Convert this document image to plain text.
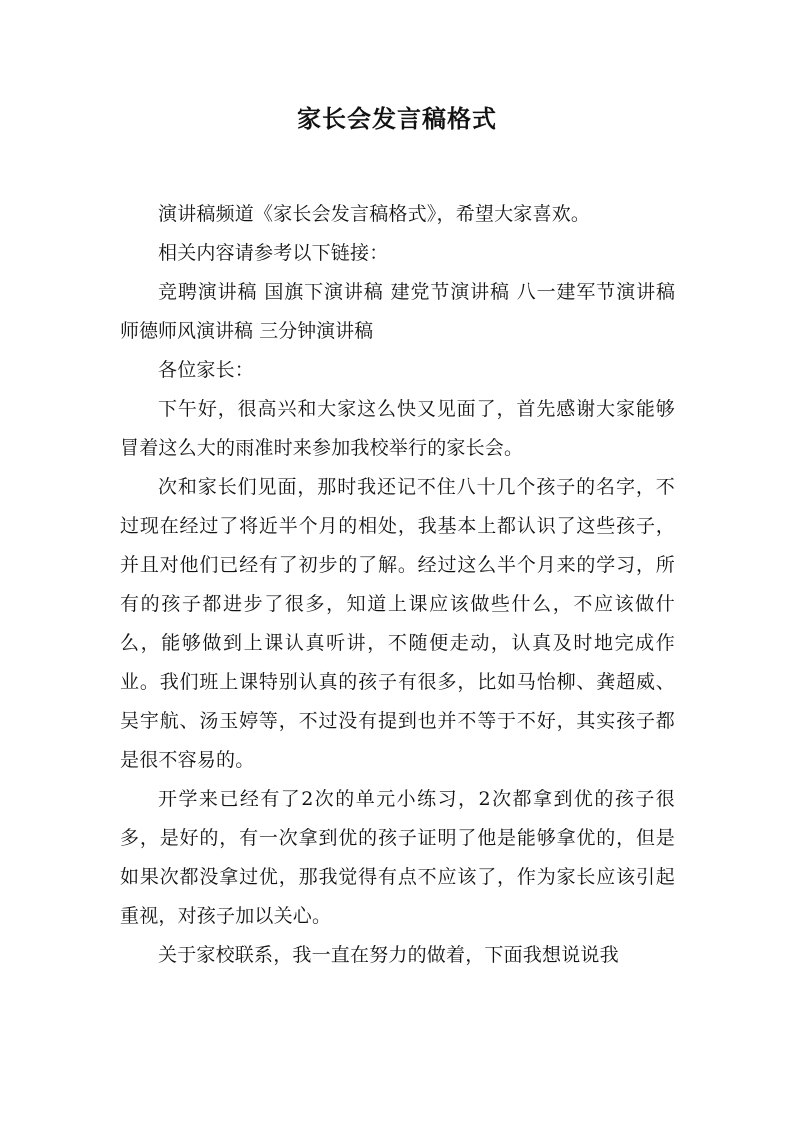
家长会发言稿格式

演讲稿频道《家长会发言稿格式》，希望大家喜欢。

相关内容请参考以下链接：

竞聘演讲稿 国旗下演讲稿 建党节演讲稿 八一建军节演讲稿 师德师风演讲稿 三分钟演讲稿

各位家长：

下午好，很高兴和大家这么快又见面了，首先感谢大家能够冒着这么大的雨准时来参加我校举行的家长会。

次和家长们见面，那时我还记不住八十几个孩子的名字，不过现在经过了将近半个月的相处，我基本上都认识了这些孩子，并且对他们已经有了初步的了解。经过这么半个月来的学习，所有的孩子都进步了很多，知道上课应该做些什么，不应该做什么，能够做到上课认真听讲，不随便走动，认真及时地完成作业。我们班上课特别认真的孩子有很多，比如马怡柳、龚超威、吴宇航、汤玉婷等，不过没有提到也并不等于不好，其实孩子都是很不容易的。

开学来已经有了2次的单元小练习，2次都拿到优的孩子很多，是好的，有一次拿到优的孩子证明了他是能够拿优的，但是如果次都没拿过优，那我觉得有点不应该了，作为家长应该引起重视，对孩子加以关心。

关于家校联系，我一直在努力的做着，下面我想说说我
